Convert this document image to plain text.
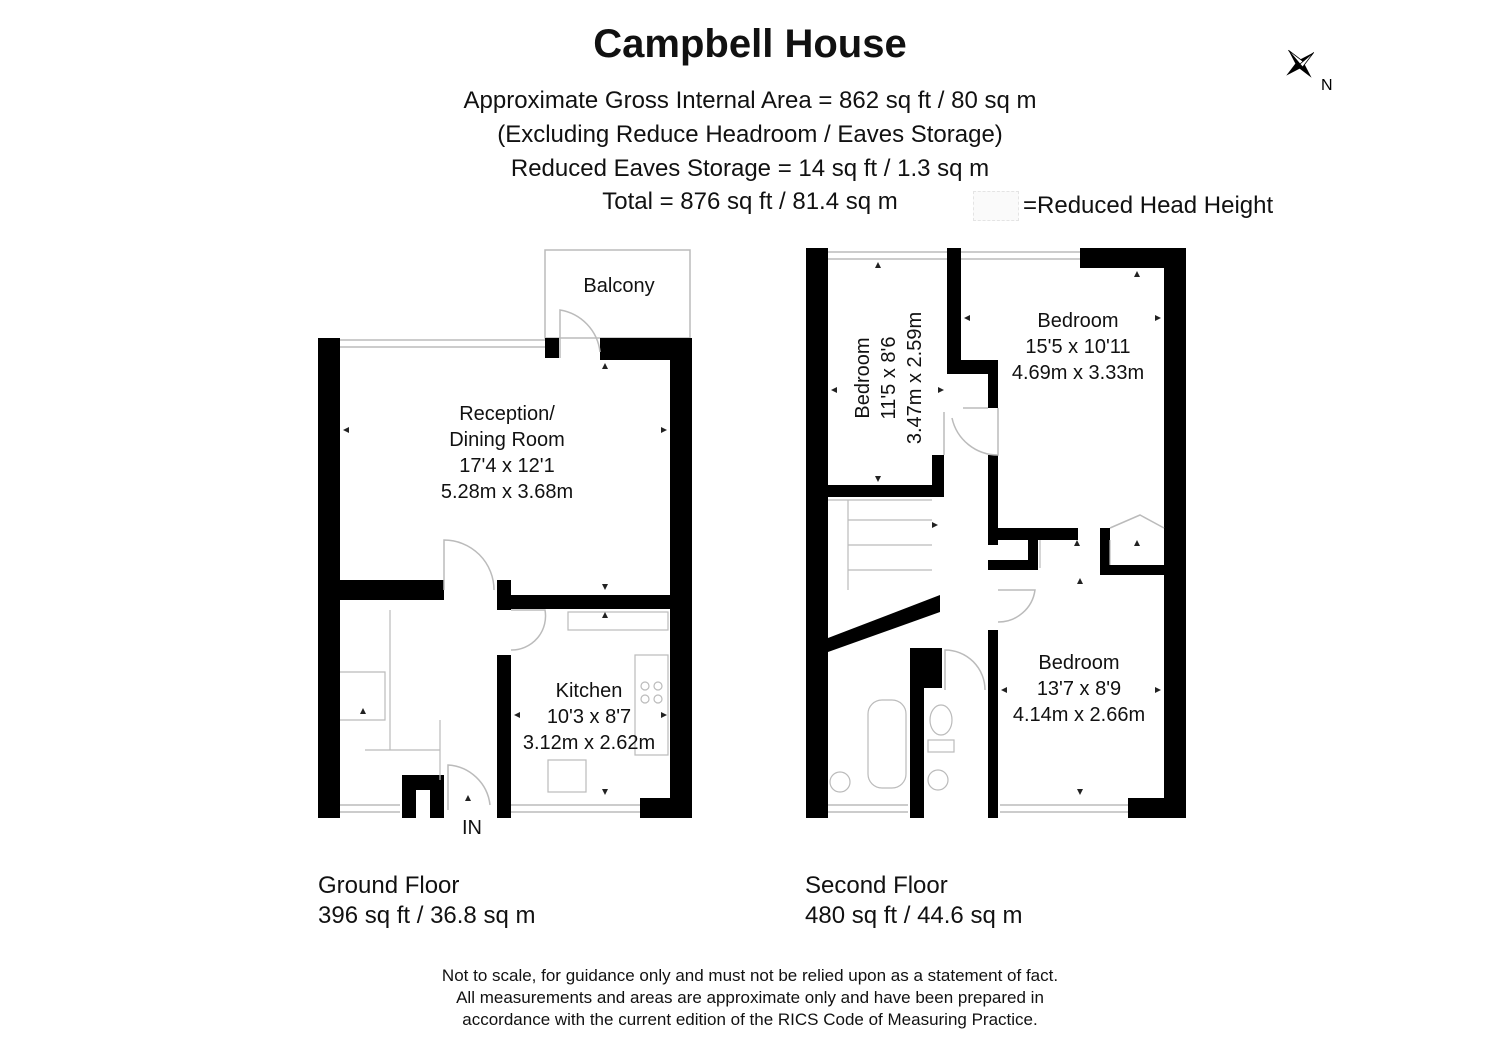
Campbell House
Approximate Gross Internal Area = 862 sq ft / 80 sq m
(Excluding Reduce Headroom / Eaves Storage)
Reduced Eaves Storage = 14 sq ft / 1.3 sq m
Total = 876 sq ft / 81.4 sq m	=Reduced Head Height
N
Balcony
Reception/
Dining Room
17'4 x 12'1
5.28m x 3.68m
Kitchen
10'3 x 8'7
3.12m x 2.62m
IN
Bedroom 11'5 x 8'6 3.47m x 2.59m	Bedroom
15'5 x 10'11
4.69m x 3.33m
Bedroom
13'7 x 8'9
4.14m x 2.66m
Ground Floor
396 sq ft / 36.8 sq m
Second Floor
480 sq ft / 44.6 sq m
Not to scale, for guidance only and must not be relied upon as a statement of fact.
All measurements and areas are approximate only and have been prepared in
accordance with the current edition of the RICS Code of Measuring Practice.
